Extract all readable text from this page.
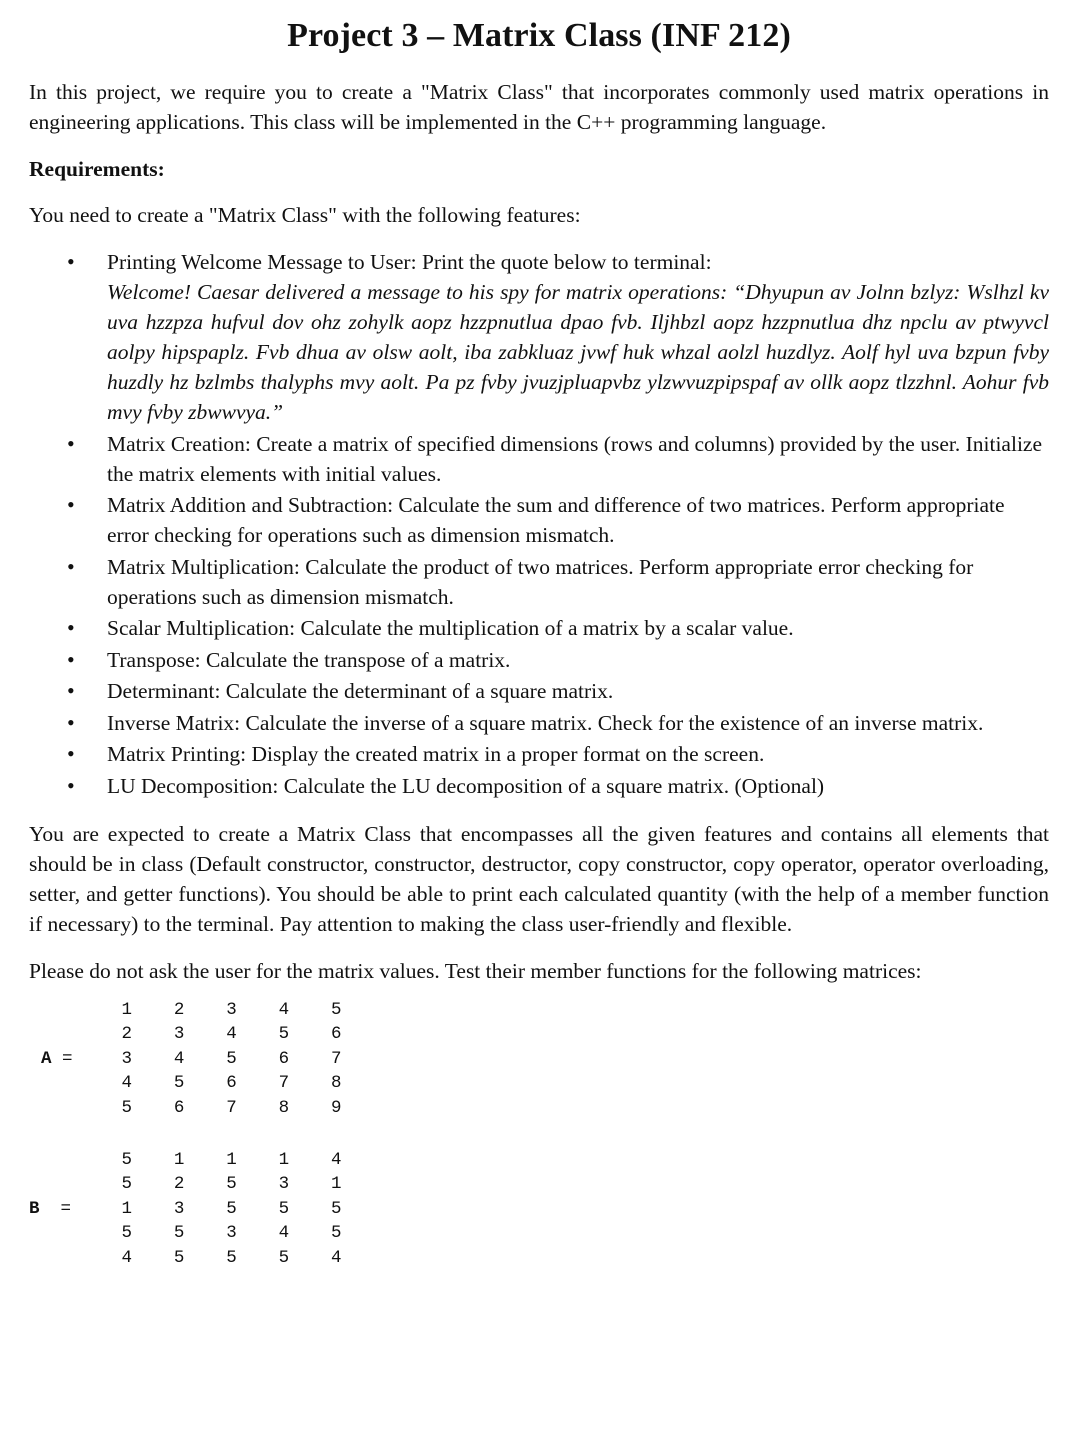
Project 3 – Matrix Class (INF 212)

In this project, we require you to create a "Matrix Class" that incorporates commonly used matrix operations in engineering applications. This class will be implemented in the C++ programming language.

Requirements:

You need to create a "Matrix Class" with the following features:

• Printing Welcome Message to User: Print the quote below to terminal:
Welcome! Caesar delivered a message to his spy for matrix operations: “Dhyupun av Jolnn bzlyz: Wslhzl kv uva hzzpza hufvul dov ohz zohylk aopz hzzpnutlua dpao fvb. Iljhbzl aopz hzzpnutlua dhz npclu av ptwyvcl aolpy hipspaplz. Fvb dhua av olsw aolt, iba zabkluaz jvwf huk whzal aolzl huzdlyz. Aolf hyl uva bzpun fvby huzdly hz bzlmbs thalyphs mvy aolt. Pa pz fvby jvuzjpluapvbz ylzwvuzpipspaf av ollk aopz tlzzhnl. Aohur fvb mvy fvby zbwwvya.”
• Matrix Creation: Create a matrix of specified dimensions (rows and columns) provided by the user. Initialize the matrix elements with initial values.
• Matrix Addition and Subtraction: Calculate the sum and difference of two matrices. Perform appropriate error checking for operations such as dimension mismatch.
• Matrix Multiplication: Calculate the product of two matrices. Perform appropriate error checking for operations such as dimension mismatch.
• Scalar Multiplication: Calculate the multiplication of a matrix by a scalar value.
• Transpose: Calculate the transpose of a matrix.
• Determinant: Calculate the determinant of a square matrix.
• Inverse Matrix: Calculate the inverse of a square matrix. Check for the existence of an inverse matrix.
• Matrix Printing: Display the created matrix in a proper format on the screen.
• LU Decomposition: Calculate the LU decomposition of a square matrix. (Optional)

You are expected to create a Matrix Class that encompasses all the given features and contains all elements that should be in class (Default constructor, constructor, destructor, copy constructor, copy operator, operator overloading, setter, and getter functions). You should be able to print each calculated quantity (with the help of a member function if necessary) to the terminal. Pay attention to making the class user-friendly and flexible.

Please do not ask the user for the matrix values. Test their member functions for the following matrices:

A =
1	2	3	4	5
2	3	4	5	6
3	4	5	6	7
4	5	6	7	8
5	6	7	8	9
B =
5	1	1	1	4
5	2	5	3	1
1	3	5	5	5
5	5	3	4	5
4	5	5	5	4
